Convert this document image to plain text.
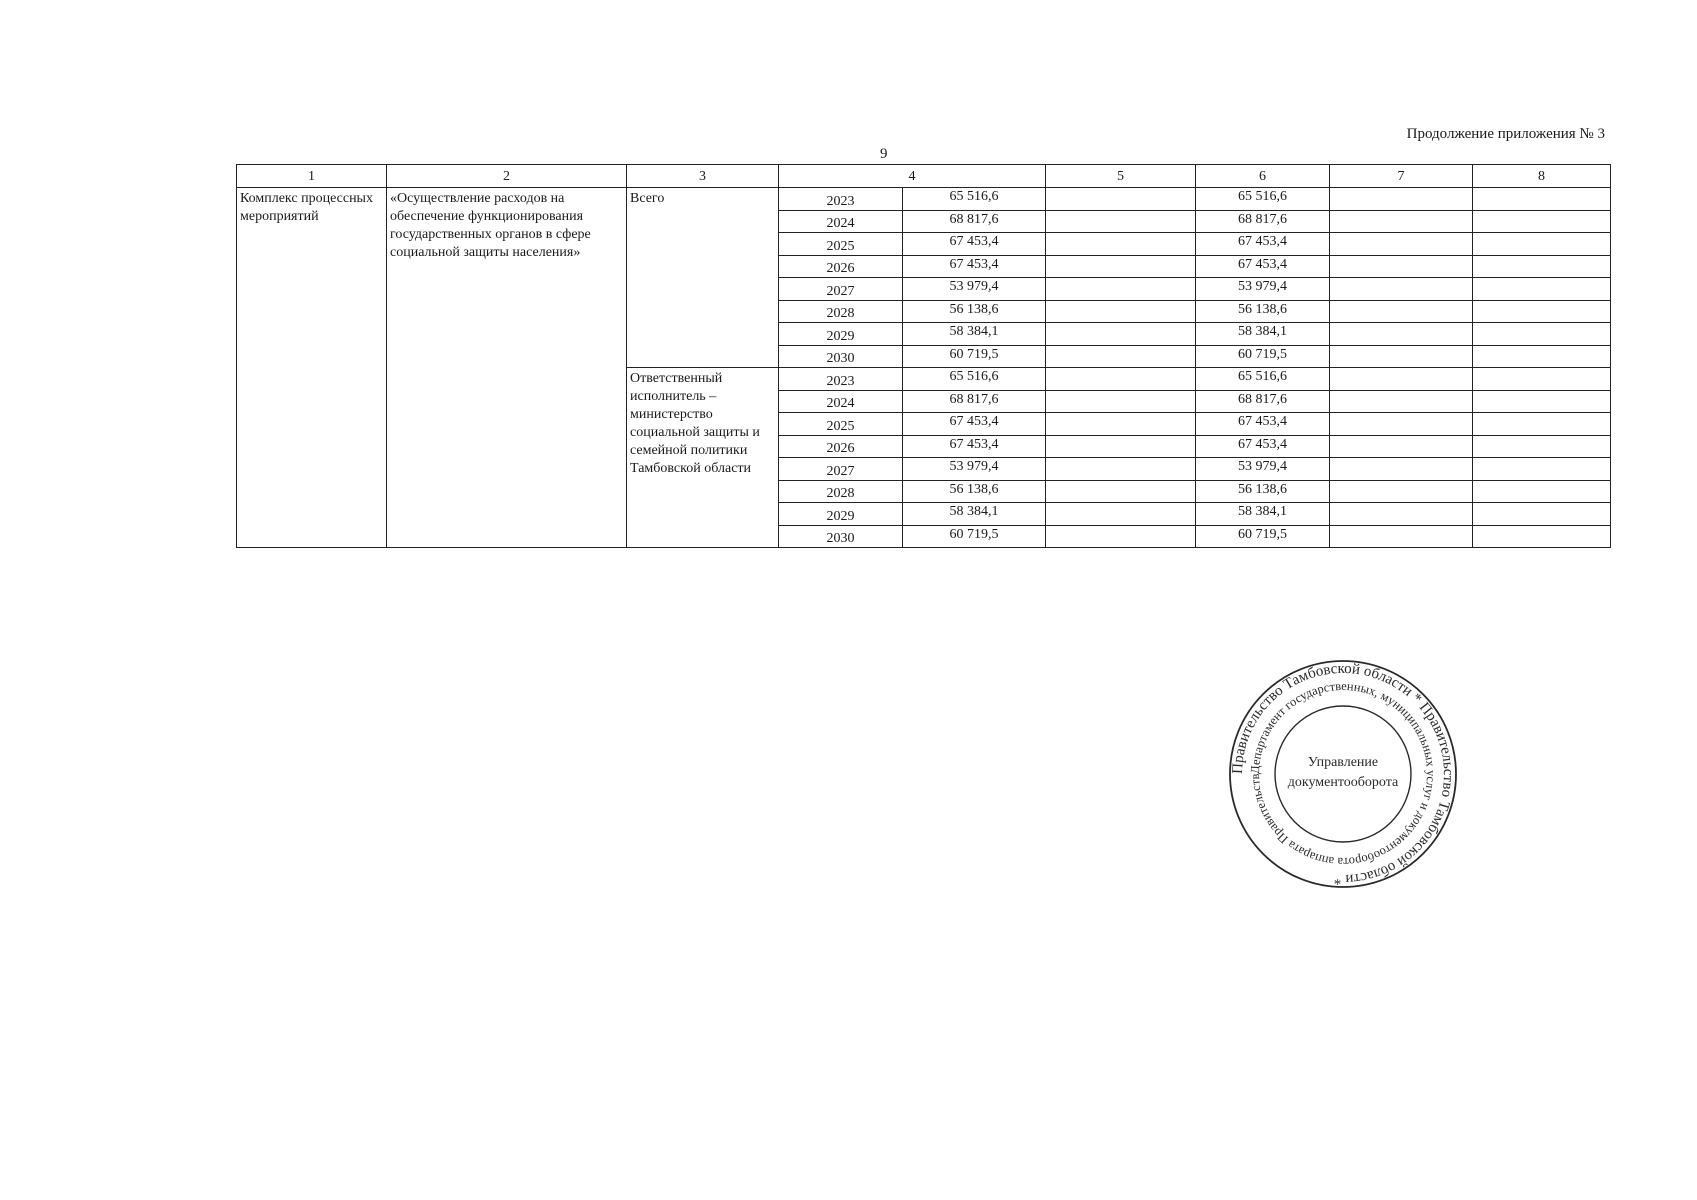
Продолжение приложения № 3
9
1	2	3	4		5	6	7	8
Комплекс процессных мероприятий	«Осуществление расходов на обеспечение функционирования государственных органов в сфере социальной защиты населения»	Всего	2023	65 516,6		65 516,6		
			2024	68 817,6		68 817,6		
			2025	67 453,4		67 453,4		
			2026	67 453,4		67 453,4		
			2027	53 979,4		53 979,4		
			2028	56 138,6		56 138,6		
			2029	58 384,1		58 384,1		
			2030	60 719,5		60 719,5		
		Ответственный исполнитель – министерство социальной защиты и семейной политики Тамбовской области	2023	65 516,6		65 516,6		
			2024	68 817,6		68 817,6		
			2025	67 453,4		67 453,4		
			2026	67 453,4		67 453,4		
			2027	53 979,4		53 979,4		
			2028	56 138,6		56 138,6		
			2029	58 384,1		58 384,1		
			2030	60 719,5		60 719,5		
Правительство Тамбовской области * Правительство Тамбовской области *
Департамент государственных, муниципальных услуг и документооборота аппарата Правительств
Управление
документооборота
